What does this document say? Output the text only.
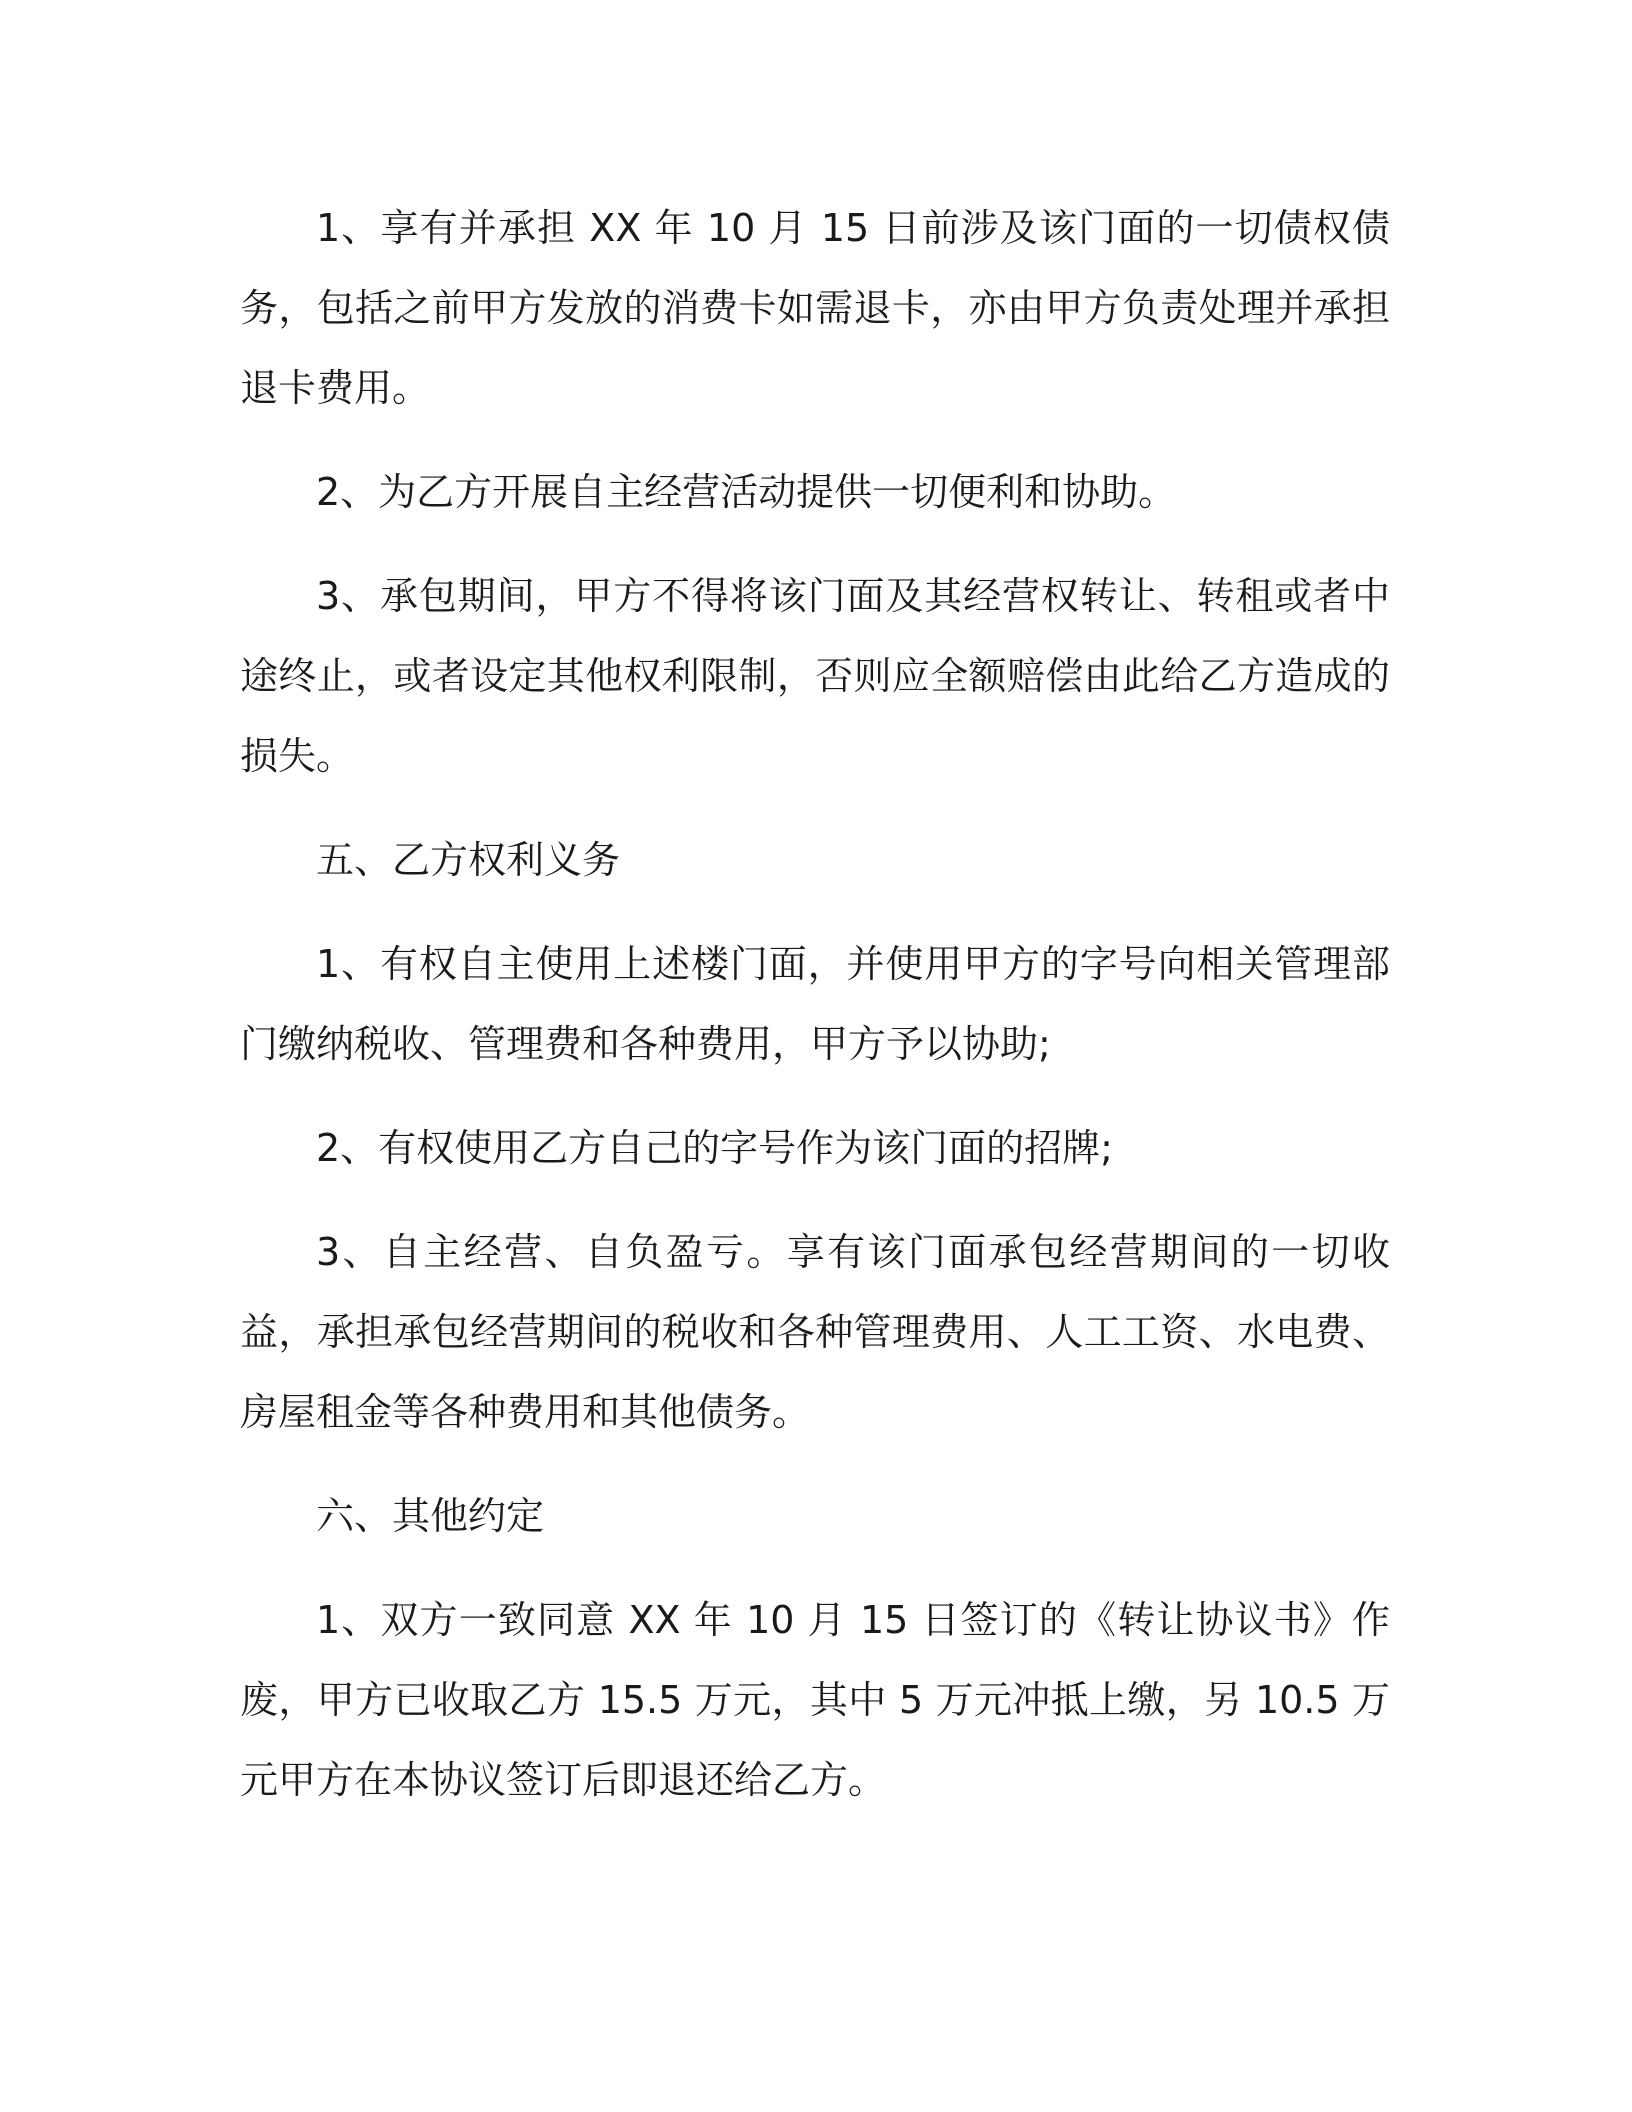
1、享有并承担 XX 年 10 月 15 日前涉及该门面的一切债权债务，包括之前甲方发放的消费卡如需退卡，亦由甲方负责处理并承担退卡费用。

2、为乙方开展自主经营活动提供一切便利和协助。

3、承包期间，甲方不得将该门面及其经营权转让、转租或者中途终止，或者设定其他权利限制，否则应全额赔偿由此给乙方造成的损失。

五、乙方权利义务

1、有权自主使用上述楼门面，并使用甲方的字号向相关管理部门缴纳税收、管理费和各种费用，甲方予以协助;

2、有权使用乙方自己的字号作为该门面的招牌;

3、自主经营、自负盈亏。享有该门面承包经营期间的一切收益，承担承包经营期间的税收和各种管理费用、人工工资、水电费、房屋租金等各种费用和其他债务。

六、其他约定

1、双方一致同意 XX 年 10 月 15 日签订的《转让协议书》作废，甲方已收取乙方 15.5 万元，其中 5 万元冲抵上缴，另 10.5 万元甲方在本协议签订后即退还给乙方。
